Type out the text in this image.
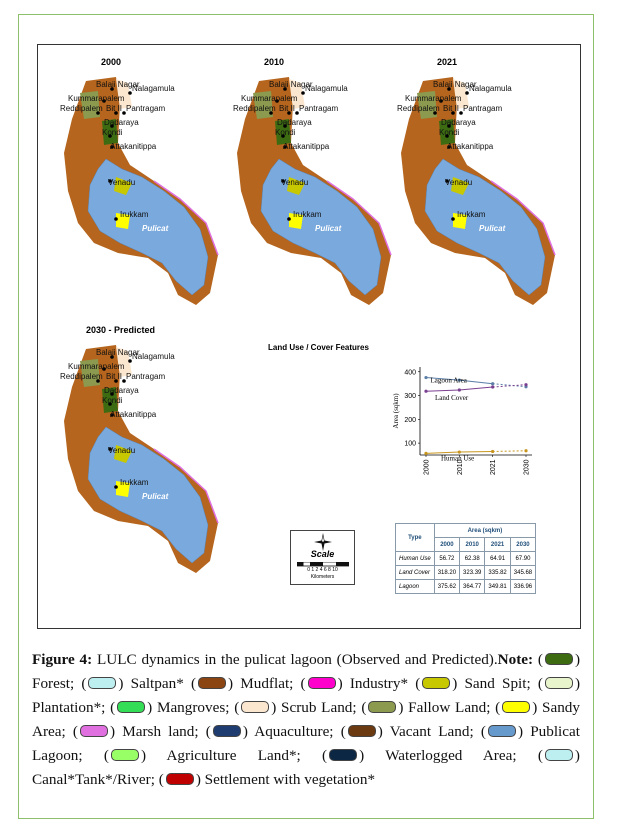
2000	2010	2021
2030 - Predicted
Balaji Nagar
Nalagamula
Kummarapalem
Reddipalem Bit II Pantragam
Dadaraya
Kondi
Attakanitippa
Venadu
Irukkam
Pulicat
Balaji Nagar
Nalagamula
Kummarapalem
Reddipalem Bit II Pantragam
Dadaraya
Kondi
Attakanitippa
Venadu
Irukkam
Pulicat
Balaji Nagar
Nalagamula
Kummarapalem
Reddipalem Bit II Pantragam
Dadaraya
Kondi
Attakanitippa
Venadu
Irukkam
Pulicat
Balaji Nagar
Nalagamula
Kummarapalem
Reddipalem Bit II Pantragam
Dadaraya
Kondi
Attakanitippa
Venadu
Irukkam
Pulicat
Land Use / Cover Features
100
200
300
400
2000	2010	2021	2030
Area (sqkm)
Lagoon Area
Land Cover
Human Use
Type	Area (sqkm)			
	2000	2010	2021	2030
Human Use	56.72	62.38	64.91	67.90
Land Cover	318.20	323.39	335.82	345.68
Lagoon	375.62	364.77	349.81	336.96
Scale
0 1 2 4 6 8 10
Kilometers
Figure 4: LULC dynamics in the pulicat lagoon (Observed and Predicted).Note: ( ) Forest; ( ) Saltpan* ( ) Mudflat; ( ) Industry* ( ) Sand Spit; ( ) Plantation*; ( ) Mangroves; ( ) Scrub Land; ( ) Fallow Land; ( ) Sandy Area; ( ) Marsh land; ( ) Aquaculture; ( ) Vacant Land; ( ) Publicat Lagoon; ( ) Agriculture Land*; ( ) Waterlogged Area; ( ) Canal*Tank*/River; ( ) Settlement with vegetation*
